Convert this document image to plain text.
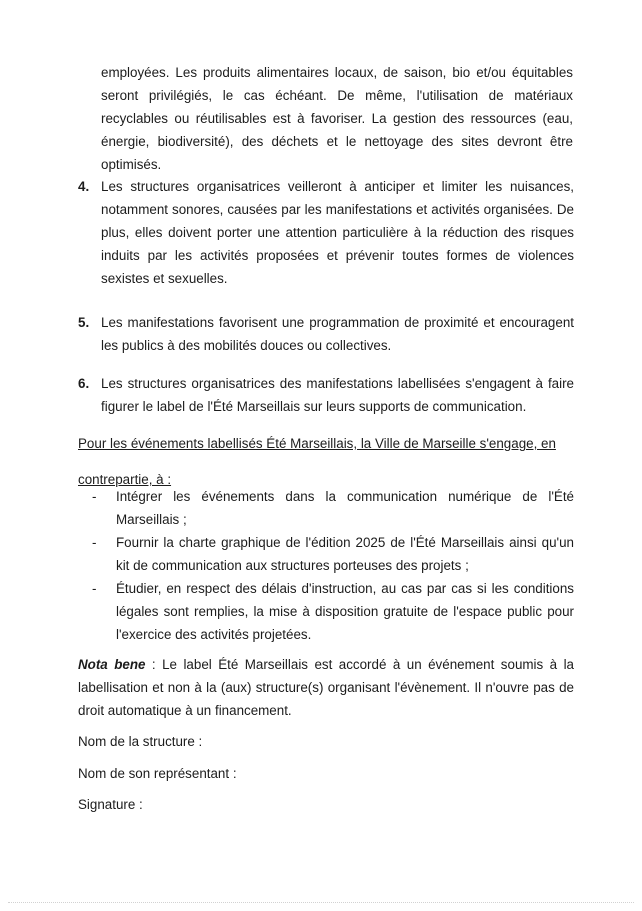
employées. Les produits alimentaires locaux, de saison, bio et/ou équitables seront privilégiés, le cas échéant. De même, l'utilisation de matériaux recyclables ou réutilisables est à favoriser. La gestion des ressources (eau, énergie, biodiversité), des déchets et le nettoyage des sites devront être optimisés.
4. Les structures organisatrices veilleront à anticiper et limiter les nuisances, notamment sonores, causées par les manifestations et activités organisées. De plus, elles doivent porter une attention particulière à la réduction des risques induits par les activités proposées et prévenir toutes formes de violences sexistes et sexuelles.
5. Les manifestations favorisent une programmation de proximité et encouragent les publics à des mobilités douces ou collectives.
6. Les structures organisatrices des manifestations labellisées s'engagent à faire figurer le label de l'Été Marseillais sur leurs supports de communication.
Pour les événements labellisés Été Marseillais, la Ville de Marseille s'engage, en contrepartie, à :
- Intégrer les événements dans la communication numérique de l'Été Marseillais ;
- Fournir la charte graphique de l'édition 2025 de l'Été Marseillais ainsi qu'un kit de communication aux structures porteuses des projets ;
- Étudier, en respect des délais d'instruction, au cas par cas si les conditions légales sont remplies, la mise à disposition gratuite de l'espace public pour l'exercice des activités projetées.
Nota bene : Le label Été Marseillais est accordé à un événement soumis à la labellisation et non à la (aux) structure(s) organisant l'évènement. Il n'ouvre pas de droit automatique à un financement.
Nom de la structure :
Nom de son représentant :
Signature :
